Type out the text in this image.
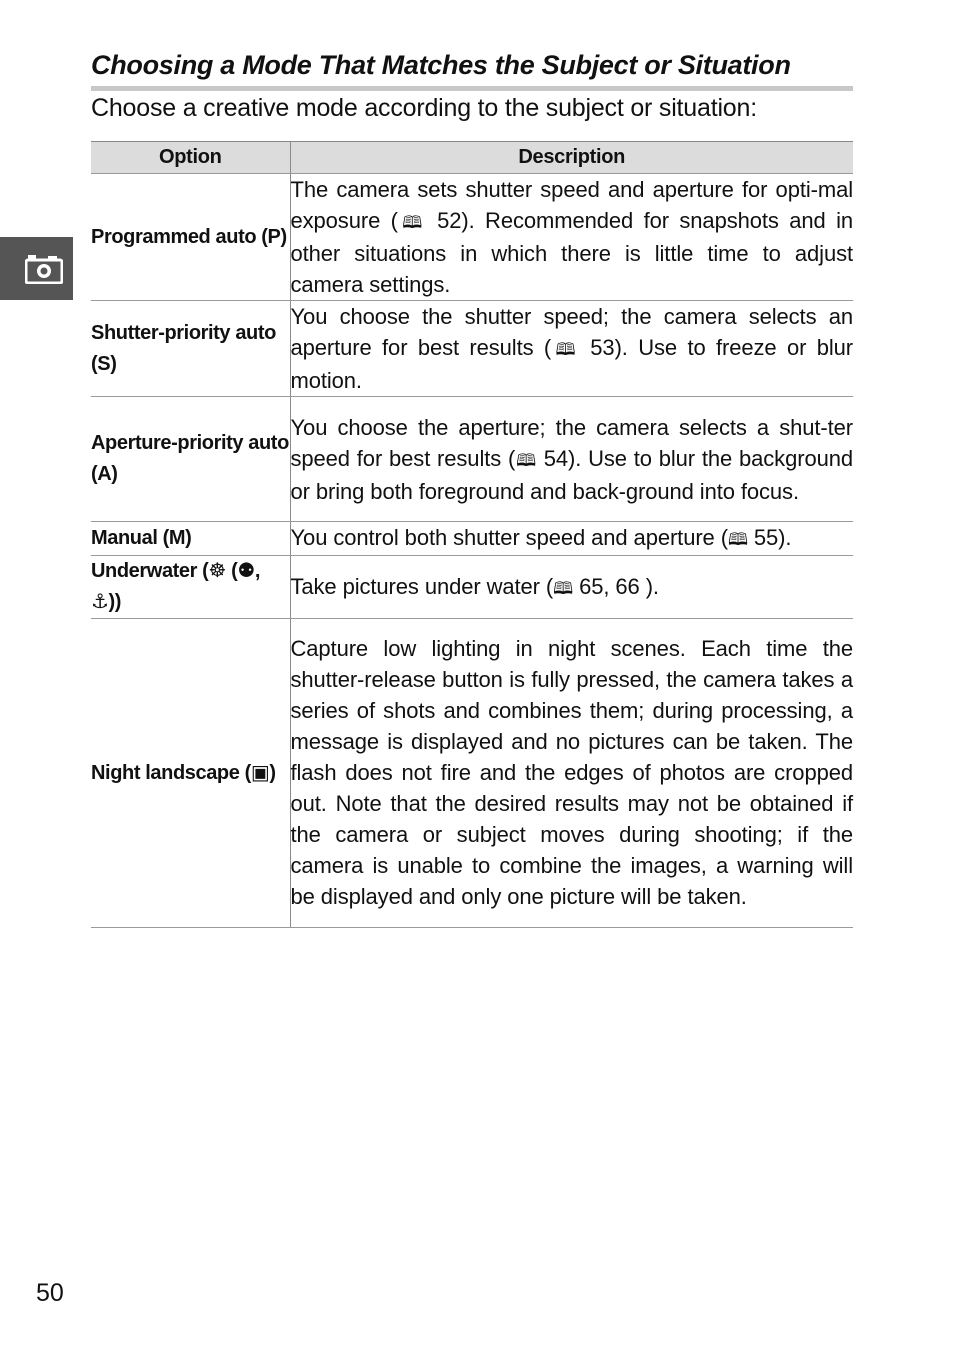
Choosing a Mode That Matches the Subject or Situation

Choose a creative mode according to the subject or situation:

Option	Description
Programmed auto (P)	The camera sets shutter speed and aperture for opti-mal exposure (🕮 52). Recommended for snapshots and in other situations in which there is little time to adjust camera settings.
Shutter-priority auto (S)	You choose the shutter speed; the camera selects an aperture for best results (🕮 53). Use to freeze or blur motion.
Aperture-priority auto (A)	You choose the aperture; the camera selects a shut-ter speed for best results (🕮 54). Use to blur the background or bring both foreground and back-ground into focus.
Manual (M)	You control both shutter speed and aperture (🕮 55).
Underwater (☸ (⚉, ⚓))	Take pictures under water (🕮 65, 66 ).
Night landscape (▣)	Capture low lighting in night scenes. Each time the shutter-release button is fully pressed, the camera takes a series of shots and combines them; during processing, a message is displayed and no pictures can be taken. The flash does not fire and the edges of photos are cropped out. Note that the desired results may not be obtained if the camera or subject moves during shooting; if the camera is unable to combine the images, a warning will be displayed and only one picture will be taken.
50
